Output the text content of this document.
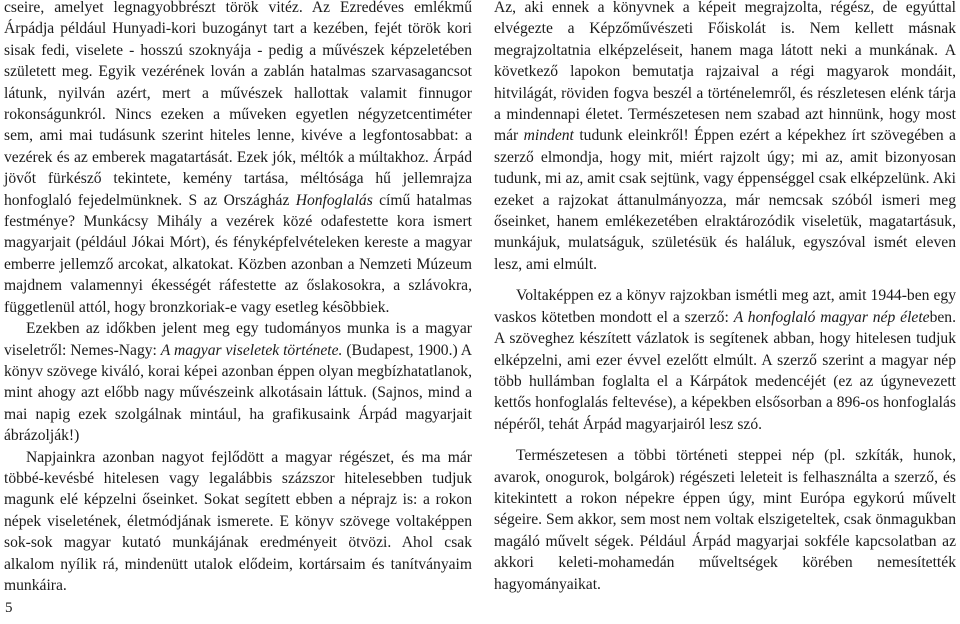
cseire, amelyet legnagyobbrészt török vitéz. Az Ezredéves emlékmű Árpádja például Hunyadi-kori buzogányt tart a kezében, fejét török kori sisak fedi, viselete - hosszú szoknyája - pedig a művészek képzeletében született meg. Egyik vezérének lován a zablán hatalmas szarvasagancsot látunk, nyilván azért, mert a művészek hallottak valamit finnugor rokonságunkról. Nincs ezeken a műveken egyetlen négyzetcentiméter sem, ami mai tudásunk szerint hiteles lenne, kivéve a legfontosabbat: a vezérek és az emberek magatartását. Ezek jók, méltók a múltakhoz. Árpád jövőt fürkésző tekintete, kemény tartása, méltósága hű jellemrajza honfoglaló fejedelmünknek. S az Országház Honfoglalás című hatalmas festménye? Munkácsy Mihály a vezérek közé odafestette kora ismert magyarjait (például Jókai Mórt), és fényképfelvételeken kereste a magyar emberre jellemző arcokat, alkatokat. Közben azonban a Nemzeti Múzeum majdnem valamennyi ékességét ráfestette az őslakosokra, a szlávokra, függetlenül attól, hogy bronzkoriak-e vagy esetleg késõbbiek.

Ezekben az időkben jelent meg egy tudományos munka is a magyar viseletről: Nemes-Nagy: A magyar viseletek története. (Budapest, 1900.) A könyv szövege kiváló, korai képei azonban éppen olyan megbízhatatlanok, mint ahogy azt előbb nagy művészeink alkotásain láttuk. (Sajnos, mind a mai napig ezek szolgálnak mintául, ha grafikusaink Árpád magyarjait ábrázolják!)

Napjainkra azonban nagyot fejlődött a magyar régészet, és ma már többé-kevésbé hitelesen vagy legalábbis százszor hitelesebben tudjuk magunk elé képzelni őseinket. Sokat segített ebben a néprajz is: a rokon népek viseletének, életmódjának ismerete. E könyv szövege voltaképpen sok-sok magyar kutató munkájának eredményeit ötvözi. Ahol csak alkalom nyílik rá, mindenütt utalok elődeim, kortársaim és tanítványaim munkáira.

Az, aki ennek a könyvnek a képeit megrajzolta, régész, de egyúttal elvégezte a Képzőművészeti Főiskolát is. Nem kellett másnak megrajzoltatnia elképzeléseit, hanem maga látott neki a munkának. A következő lapokon bemutatja rajzaival a régi magyarok mondáit, hitvilágát, röviden fogva beszél a történelemről, és részletesen elénk tárja a mindennapi életet. Természetesen nem szabad azt hinnünk, hogy most már mindent tudunk eleinkről! Éppen ezért a képekhez írt szövegében a szerző elmondja, hogy mit, miért rajzolt úgy; mi az, amit bizonyosan tudunk, mi az, amit csak sejtünk, vagy éppenséggel csak elképzelünk. Aki ezeket a rajzokat áttanulmányozza, már nemcsak szóból ismeri meg őseinket, hanem emlékezetében elraktározódik viseletük, magatartásuk, munkájuk, mulatságuk, születésük és haláluk, egyszóval ismét eleven lesz, ami elmúlt.

Voltaképpen ez a könyv rajzokban ismétli meg azt, amit 1944-ben egy vaskos kötetben mondott el a szerző: A honfoglaló magyar nép életeben. A szöveghez készített vázlatok is segítenek abban, hogy hitelesen tudjuk elképzelni, ami ezer évvel ezelőtt elmúlt. A szerző szerint a magyar nép több hullámban foglalta el a Kárpátok medencéjét (ez az úgynevezett kettős honfoglalás feltevése), a képekben elsősorban a 896-os honfoglalás népéről, tehát Árpád magyarjairól lesz szó.

Természetesen a többi történeti steppei nép (pl. szkíták, hunok, avarok, onogurok, bolgárok) régészeti leleteit is felhasználta a szerző, és kitekintett a rokon népekre éppen úgy, mint Európa egykorú művelt ségeire. Sem akkor, sem most nem voltak elszigeteltek, csak önmagukban magáló művelt ségek. Például Árpád magyarjai sokféle kapcsolatban az akkori keleti-mohamedán műveltségek körében nemesítették hagyományaikat.

5
